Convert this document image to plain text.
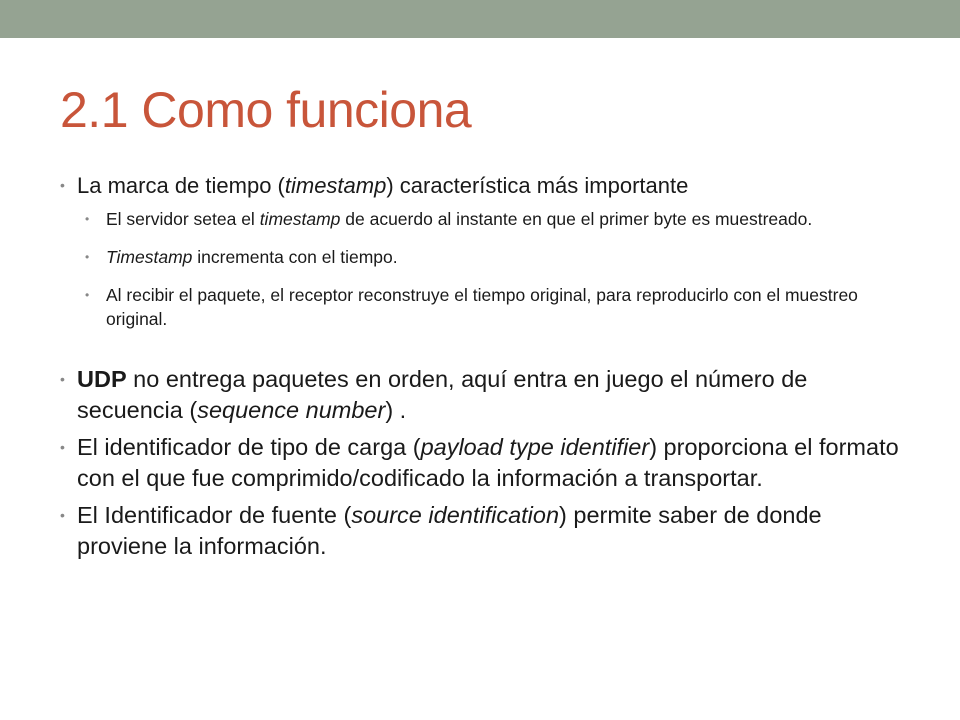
2.1 Como funciona
• La marca de tiempo (timestamp) característica más importante
• El servidor setea el timestamp de acuerdo al instante en que el primer byte es muestreado.
• Timestamp incrementa con el tiempo.
• Al recibir el paquete, el receptor reconstruye el tiempo original, para reproducirlo con el muestreo original.
• UDP no entrega paquetes en orden, aquí entra en juego el número de secuencia (sequence number) .
• El identificador de tipo de carga (payload type identifier) proporciona el formato con el que fue comprimido/codificado la información a transportar.
• El Identificador de fuente (source identification) permite saber de donde proviene la información.
